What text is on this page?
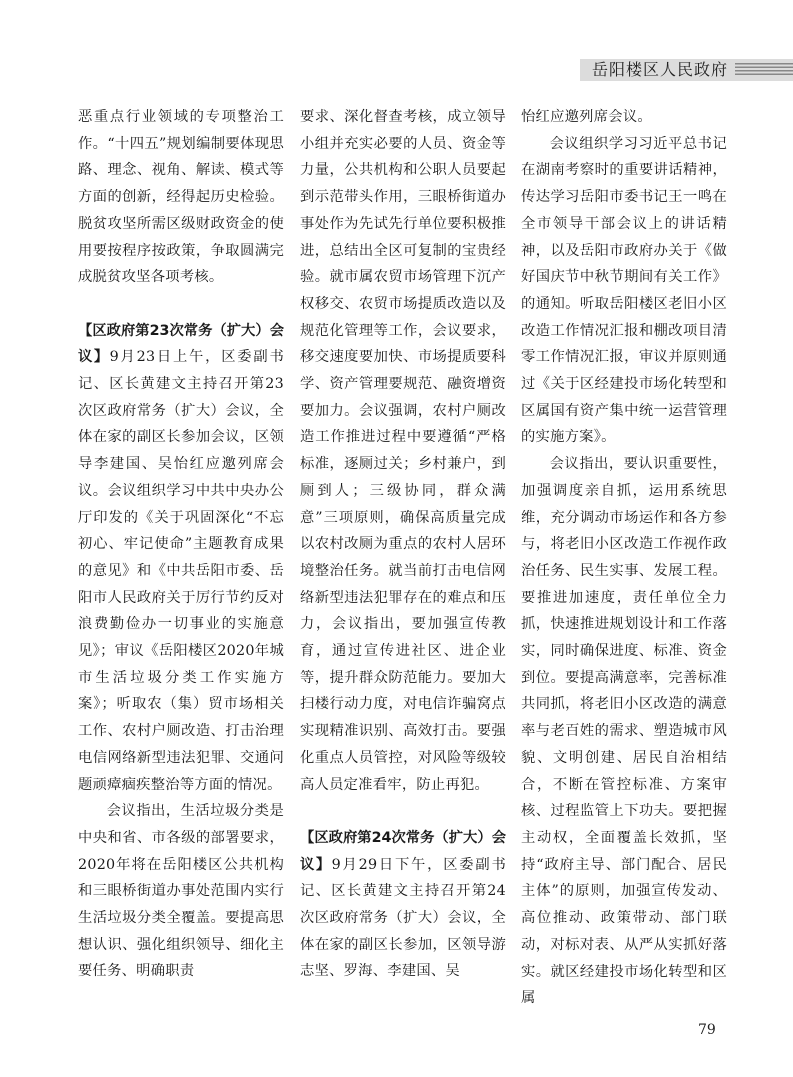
岳阳楼区人民政府

恶重点行业领域的专项整治工作。“十四五”规划编制要体现思路、理念、视角、解读、模式等方面的创新，经得起历史检验。脱贫攻坚所需区级财政资金的使用要按程序按政策，争取圆满完成脱贫攻坚各项考核。

【区政府第23次常务（扩大）会议】9月23日上午，区委副书记、区长黄建文主持召开第23次区政府常务（扩大）会议，全体在家的副区长参加会议，区领导李建国、吴怡红应邀列席会议。会议组织学习中共中央办公厅印发的《关于巩固深化“不忘初心、牢记使命”主题教育成果的意见》和《中共岳阳市委、岳阳市人民政府关于厉行节约反对浪费勤俭办一切事业的实施意见》；审议《岳阳楼区2020年城市生活垃圾分类工作实施方案》；听取农（集）贸市场相关工作、农村户厕改造、打击治理电信网络新型违法犯罪、交通问题顽瘴痼疾整治等方面的情况。

会议指出，生活垃圾分类是中央和省、市各级的部署要求，2020年将在岳阳楼区公共机构和三眼桥街道办事处范围内实行生活垃圾分类全覆盖。要提高思想认识、强化组织领导、细化主要任务、明确职责

要求、深化督查考核，成立领导小组并充实必要的人员、资金等力量，公共机构和公职人员要起到示范带头作用，三眼桥街道办事处作为先试先行单位要积极推进，总结出全区可复制的宝贵经验。就市属农贸市场管理下沉产权移交、农贸市场提质改造以及规范化管理等工作，会议要求，移交速度要加快、市场提质要科学、资产管理要规范、融资增资要加力。会议强调，农村户厕改造工作推进过程中要遵循“严格标准，逐厕过关；乡村兼户，到厕到人；三级协同，群众满意”三项原则，确保高质量完成以农村改厕为重点的农村人居环境整治任务。就当前打击电信网络新型违法犯罪存在的难点和压力，会议指出，要加强宣传教育，通过宣传进社区、进企业等，提升群众防范能力。要加大扫楼行动力度，对电信诈骗窝点实现精准识别、高效打击。要强化重点人员管控，对风险等级较高人员定准看牢，防止再犯。

【区政府第24次常务（扩大）会议】9月29日下午，区委副书记、区长黄建文主持召开第24次区政府常务（扩大）会议，全体在家的副区长参加，区领导游志坚、罗海、李建国、吴

怡红应邀列席会议。

会议组织学习习近平总书记在湖南考察时的重要讲话精神，传达学习岳阳市委书记王一鸣在全市领导干部会议上的讲话精神，以及岳阳市政府办关于《做好国庆节中秋节期间有关工作》的通知。听取岳阳楼区老旧小区改造工作情况汇报和棚改项目清零工作情况汇报，审议并原则通过《关于区经建投市场化转型和区属国有资产集中统一运营管理的实施方案》。

会议指出，要认识重要性，加强调度亲自抓，运用系统思维，充分调动市场运作和各方参与，将老旧小区改造工作视作政治任务、民生实事、发展工程。要推进加速度，责任单位全力抓，快速推进规划设计和工作落实，同时确保进度、标准、资金到位。要提高满意率，完善标准共同抓，将老旧小区改造的满意率与老百姓的需求、塑造城市风貌、文明创建、居民自治相结合，不断在管控标准、方案审核、过程监管上下功夫。要把握主动权，全面覆盖长效抓，坚持“政府主导、部门配合、居民主体”的原则，加强宣传发动、高位推动、政策带动、部门联动，对标对表、从严从实抓好落实。就区经建投市场化转型和区属

79
